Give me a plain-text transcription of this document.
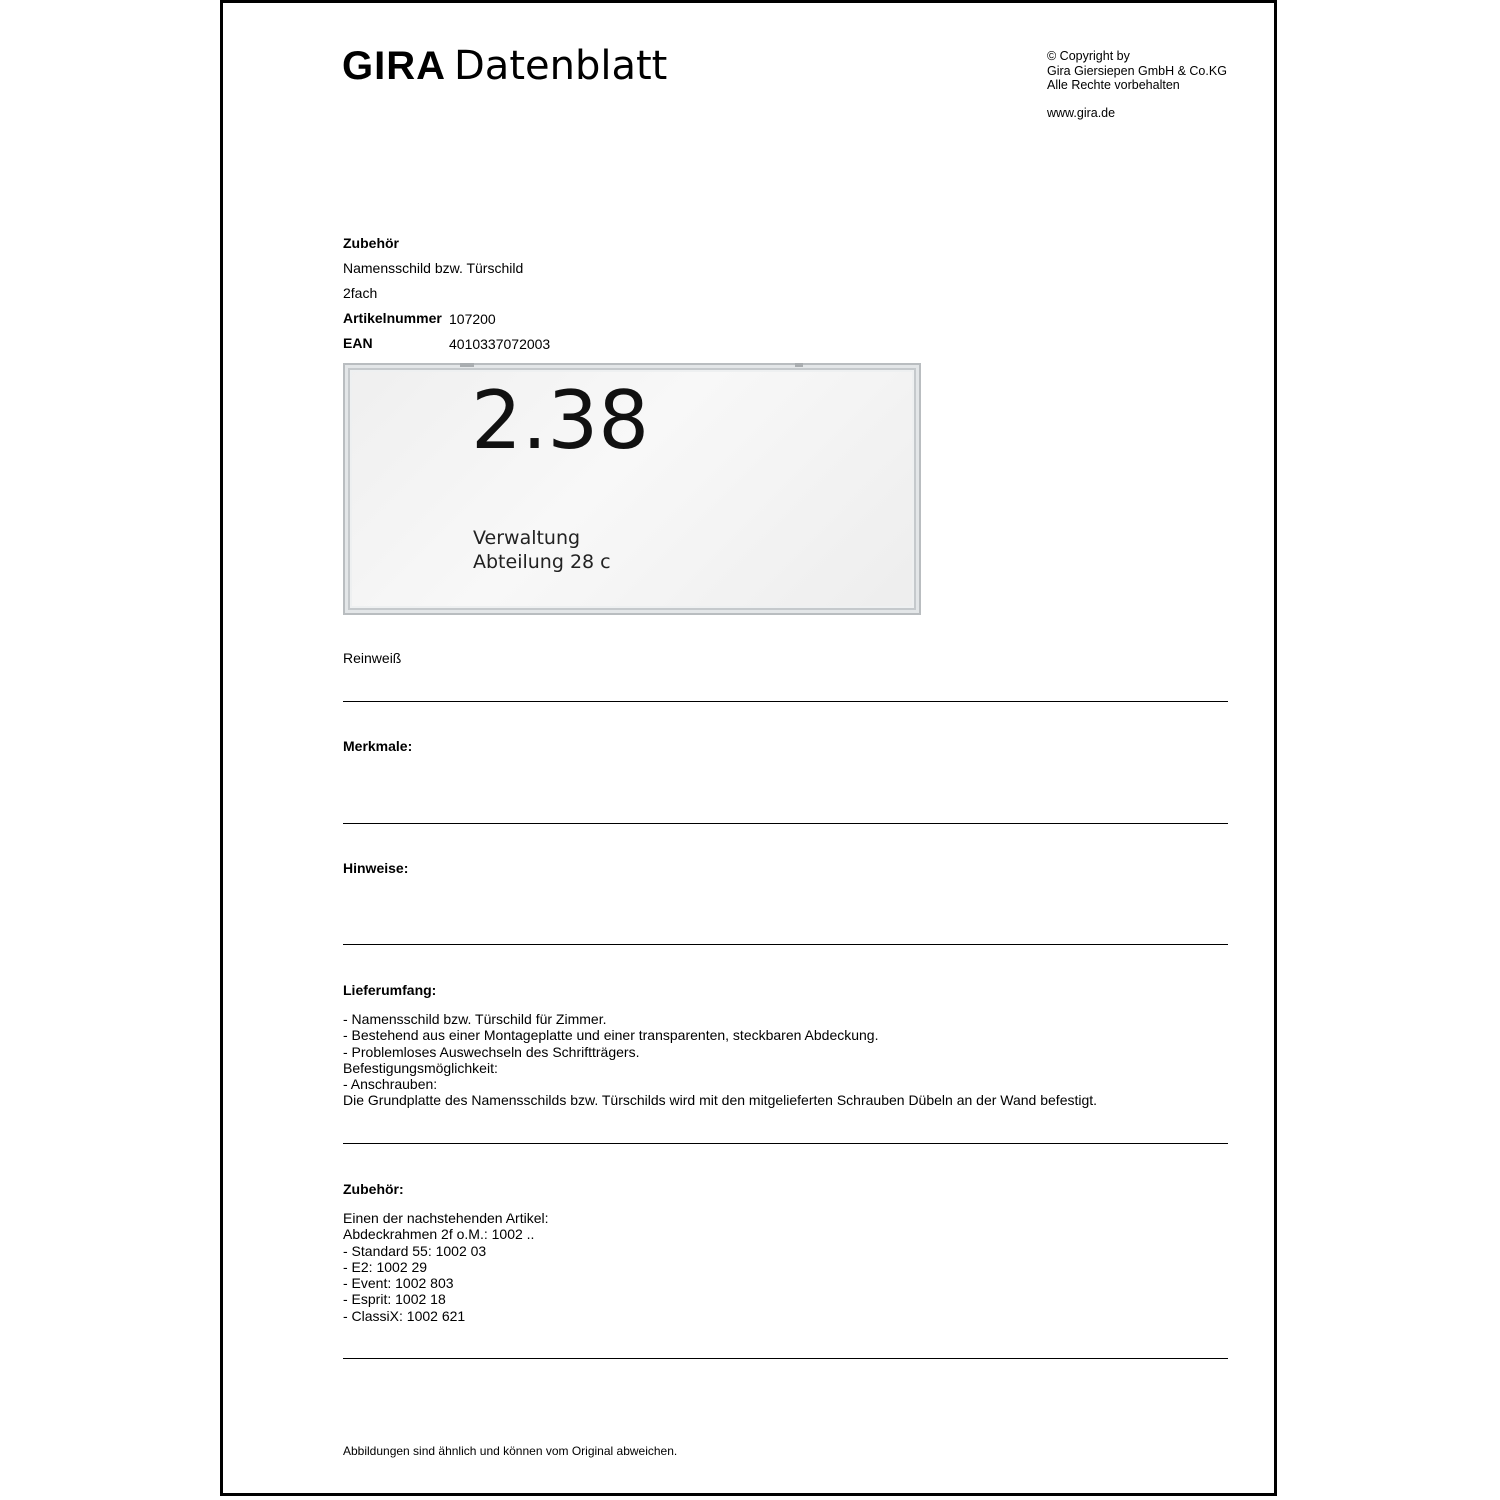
GIRA Datenblatt	© Copyright by
Gira Giersiepen GmbH & Co.KG
Alle Rechte vorbehalten
www.gira.de
Zubehör
Namensschild bzw. Türschild
2fach
Artikelnummer 107200
EAN	4010337072003
2.38
Verwaltung
Abteilung 28 c
Reinweiß
Merkmale:
Hinweise:
Lieferumfang:
- Namensschild bzw. Türschild für Zimmer.
- Bestehend aus einer Montageplatte und einer transparenten, steckbaren Abdeckung.
- Problemloses Auswechseln des Schriftträgers.
Befestigungsmöglichkeit:
- Anschrauben:
Die Grundplatte des Namensschilds bzw. Türschilds wird mit den mitgelieferten Schrauben Dübeln an der Wand befestigt.
Zubehör:
Einen der nachstehenden Artikel:
Abdeckrahmen 2f o.M.: 1002 ..
- Standard 55: 1002 03
- E2: 1002 29
- Event: 1002 803
- Esprit: 1002 18
- ClassiX: 1002 621
Abbildungen sind ähnlich und können vom Original abweichen.
